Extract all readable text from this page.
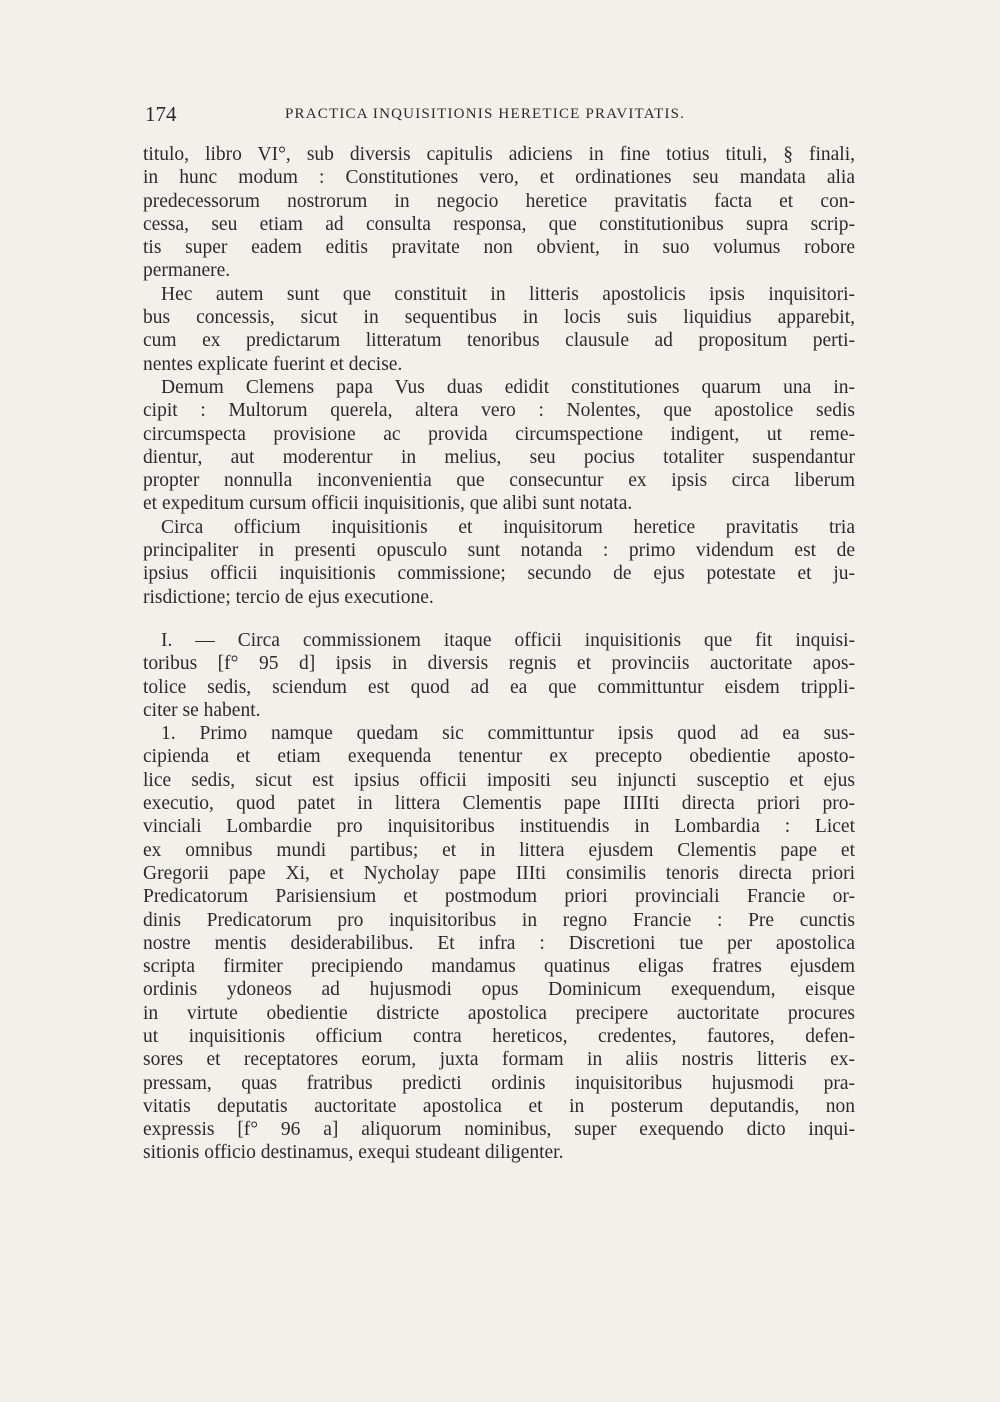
174	PRACTICA INQUISITIONIS HERETICE PRAVITATIS.
titulo, libro VI°, sub diversis capitulis adiciens in fine totius tituli, § finali,
in hunc modum : Constitutiones vero, et ordinationes seu mandata alia
predecessorum nostrorum in negocio heretice pravitatis facta et con-
cessa, seu etiam ad consulta responsa, que constitutionibus supra scrip-
tis super eadem editis pravitate non obvient, in suo volumus robore
permanere.
Hec autem sunt que constituit in litteris apostolicis ipsis inquisitori-
bus concessis, sicut in sequentibus in locis suis liquidius apparebit,
cum ex predictarum litteratum tenoribus clausule ad propositum perti-
nentes explicate fuerint et decise.
Demum Clemens papa Vus duas edidit constitutiones quarum una in-
cipit : Multorum querela, altera vero : Nolentes, que apostolice sedis
circumspecta provisione ac provida circumspectione indigent, ut reme-
dientur, aut moderentur in melius, seu pocius totaliter suspendantur
propter nonnulla inconvenientia que consecuntur ex ipsis circa liberum
et expeditum cursum officii inquisitionis, que alibi sunt notata.
Circa officium inquisitionis et inquisitorum heretice pravitatis tria
principaliter in presenti opusculo sunt notanda : primo videndum est de
ipsius officii inquisitionis commissione; secundo de ejus potestate et ju-
risdictione; tercio de ejus executione.
I. — Circa commissionem itaque officii inquisitionis que fit inquisi-
toribus [f° 95 d] ipsis in diversis regnis et provinciis auctoritate apos-
tolice sedis, sciendum est quod ad ea que committuntur eisdem trippli-
citer se habent.
1. Primo namque quedam sic committuntur ipsis quod ad ea sus-
cipienda et etiam exequenda tenentur ex precepto obedientie aposto-
lice sedis, sicut est ipsius officii impositi seu injuncti susceptio et ejus
executio, quod patet in littera Clementis pape IIIIti directa priori pro-
vinciali Lombardie pro inquisitoribus instituendis in Lombardia : Licet
ex omnibus mundi partibus; et in littera ejusdem Clementis pape et
Gregorii pape Xi, et Nycholay pape IIIti consimilis tenoris directa priori
Predicatorum Parisiensium et postmodum priori provinciali Francie or-
dinis Predicatorum pro inquisitoribus in regno Francie : Pre cunctis
nostre mentis desiderabilibus. Et infra : Discretioni tue per apostolica
scripta firmiter precipiendo mandamus quatinus eligas fratres ejusdem
ordinis ydoneos ad hujusmodi opus Dominicum exequendum, eisque
in virtute obedientie districte apostolica precipere auctoritate procures
ut inquisitionis officium contra hereticos, credentes, fautores, defen-
sores et receptatores eorum, juxta formam in aliis nostris litteris ex-
pressam, quas fratribus predicti ordinis inquisitoribus hujusmodi pra-
vitatis deputatis auctoritate apostolica et in posterum deputandis, non
expressis [f° 96 a] aliquorum nominibus, super exequendo dicto inqui-
sitionis officio destinamus, exequi studeant diligenter.
